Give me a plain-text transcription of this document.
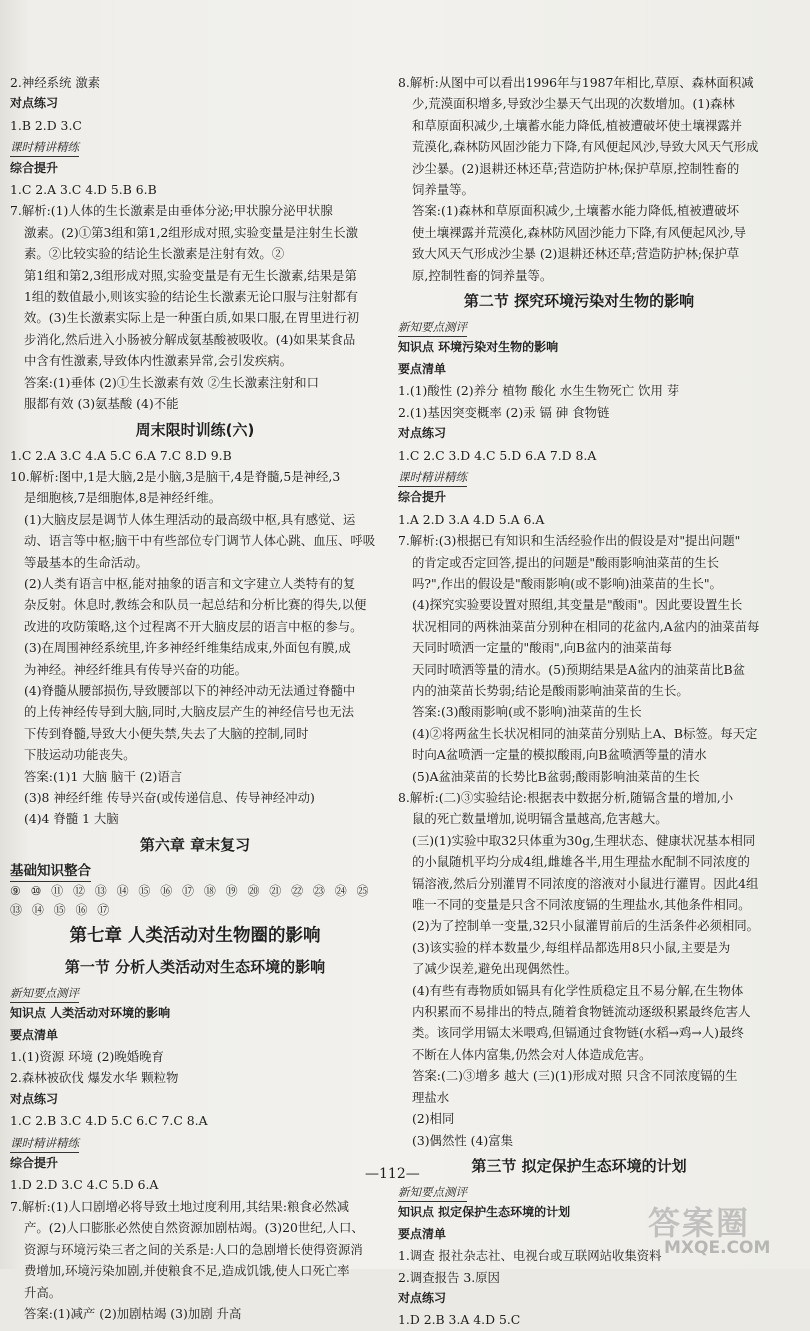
2.神经系统 激素
对点练习
1.B 2.D 3.C
课时精讲精练
综合提升
1.C 2.A 3.C 4.D 5.B 6.B
7.解析:(1)人体的生长激素是由垂体分泌;甲状腺分泌甲状腺
激素。(2)①第3组和第1,2组形成对照,实验变量是注射生长激
素。②比较实验的结论生长激素是注射有效。②
第1组和第2,3组形成对照,实验变量是有无生长激素,结果是第
1组的数值最小,则该实验的结论生长激素无论口服与注射都有
效。(3)生长激素实际上是一种蛋白质,如果口服,在胃里进行初
步消化,然后进入小肠被分解成氨基酸被吸收。(4)如果某食品
中含有性激素,导致体内性激素异常,会引发疾病。
答案:(1)垂体 (2)①生长激素有效 ②生长激素注射和口
服都有效 (3)氨基酸 (4)不能
周末限时训练(六)
1.C 2.A 3.C 4.A 5.C 6.A 7.C 8.D 9.B
10.解析:图中,1是大脑,2是小脑,3是脑干,4是脊髓,5是神经,3
是细胞核,7是细胞体,8是神经纤维。
(1)大脑皮层是调节人体生理活动的最高级中枢,具有感觉、运
动、语言等中枢;脑干中有些部位专门调节人体心跳、血压、呼吸
等最基本的生命活动。
(2)人类有语言中枢,能对抽象的语言和文字建立人类特有的复
杂反射。休息时,教练会和队员一起总结和分析比赛的得失,以便
改进的攻防策略,这个过程离不开大脑皮层的语言中枢的参与。
(3)在周围神经系统里,许多神经纤维集结成束,外面包有膜,成
为神经。神经纤维具有传导兴奋的功能。
(4)脊髓从腰部损伤,导致腰部以下的神经冲动无法通过脊髓中
的上传神经传导到大脑,同时,大脑皮层产生的神经信号也无法
下传到脊髓,导致大小便失禁,失去了大脑的控制,同时
下肢运动功能丧失。
答案:(1)1 大脑 脑干 (2)语言
(3)8 神经纤维 传导兴奋(或传递信息、传导神经冲动)
(4)4 脊髓 1 大脑
第六章 章末复习
基础知识整合
⑨ ⑩ ⑪ ⑫ ⑬ ⑭ ⑮ ⑯ ⑰ ⑱ ⑲ ⑳ ㉑ ㉒ ㉓ ㉔ ㉕
⑬ ⑭ ⑮ ⑯ ⑰
第七章 人类活动对生物圈的影响
第一节 分析人类活动对生态环境的影响
新知要点测评
知识点 人类活动对环境的影响
要点清单
1.(1)资源 环境 (2)晚婚晚育
2.森林被砍伐 爆发水华 颗粒物
对点练习
1.C 2.B 3.C 4.D 5.C 6.C 7.C 8.A
课时精讲精练
综合提升
1.D 2.D 3.C 4.C 5.D 6.A
7.解析:(1)人口剧增必将导致土地过度利用,其结果:粮食必然减
产。(2)人口膨胀必然使自然资源加剧枯竭。(3)20世纪,人口、
资源与环境污染三者之间的关系是:人口的急剧增长使得资源消
费增加,环境污染加剧,并使粮食不足,造成饥饿,使人口死亡率
升高。
答案:(1)减产 (2)加剧枯竭 (3)加剧 升高
8.解析:从图中可以看出1996年与1987年相比,草原、森林面积减
少,荒漠面积增多,导致沙尘暴天气出现的次数增加。(1)森林
和草原面积减少,土壤蓄水能力降低,植被遭破坏使土壤裸露并
荒漠化,森林防风固沙能力下降,有风便起风沙,导致大风天气形成
沙尘暴。(2)退耕还林还草;营造防护林;保护草原,控制牲畜的
饲养量等。
答案:(1)森林和草原面积减少,土壤蓄水能力降低,植被遭破坏
使土壤裸露并荒漠化,森林防风固沙能力下降,有风便起风沙,导
致大风天气形成沙尘暴 (2)退耕还林还草;营造防护林;保护草
原,控制牲畜的饲养量等。
第二节 探究环境污染对生物的影响
新知要点测评
知识点 环境污染对生物的影响
要点清单
1.(1)酸性 (2)养分 植物 酸化 水生生物死亡 饮用 芽
2.(1)基因突变概率 (2)汞 镉 砷 食物链
对点练习
1.C 2.C 3.D 4.C 5.D 6.A 7.D 8.A
课时精讲精练
综合提升
1.A 2.D 3.A 4.D 5.A 6.A
7.解析:(3)根据已有知识和生活经验作出的假设是对"提出问题"
的肯定或否定回答,提出的问题是"酸雨影响油菜苗的生长
吗?",作出的假设是"酸雨影响(或不影响)油菜苗的生长"。
(4)探究实验要设置对照组,其变量是"酸雨"。因此要设置生长
状况相同的两株油菜苗分别种在相同的花盆内,A盆内的油菜苗每
天同时喷洒一定量的"酸雨",向B盆内的油菜苗每
天同时喷洒等量的清水。(5)预期结果是A盆内的油菜苗比B盆
内的油菜苗长势弱;结论是酸雨影响油菜苗的生长。
答案:(3)酸雨影响(或不影响)油菜苗的生长
(4)②将两盆生长状况相同的油菜苗分别贴上A、B标签。每天定
时向A盆喷洒一定量的模拟酸雨,向B盆喷洒等量的清水
(5)A盆油菜苗的长势比B盆弱;酸雨影响油菜苗的生长
8.解析:(二)③实验结论:根据表中数据分析,随镉含量的增加,小
鼠的死亡数量增加,说明镉含量越高,危害越大。
(三)(1)实验中取32只体重为30g,生理状态、健康状况基本相同
的小鼠随机平均分成4组,雌雄各半,用生理盐水配制不同浓度的
镉溶液,然后分别灌胃不同浓度的溶液对小鼠进行灌胃。因此4组
唯一不同的变量是只含不同浓度镉的生理盐水,其他条件相同。
(2)为了控制单一变量,32只小鼠灌胃前后的生活条件必须相同。
(3)该实验的样本数量少,每组样品都选用8只小鼠,主要是为
了减少误差,避免出现偶然性。
(4)有些有毒物质如镉具有化学性质稳定且不易分解,在生物体
内积累而不易排出的特点,随着食物链流动逐级积累最终危害人
类。该同学用镉太米喂鸡,但镉通过食物链(水稻→鸡→人)最终
不断在人体内富集,仍然会对人体造成危害。
答案:(二)③增多 越大 (三)(1)形成对照 只含不同浓度镉的生
理盐水
(2)相同
(3)偶然性 (4)富集
第三节 拟定保护生态环境的计划
新知要点测评
知识点 拟定保护生态环境的计划
要点清单
1.调查 报社杂志社、电视台或互联网站收集资料
2.调查报告 3.原因
对点练习
1.D 2.B 3.A 4.D 5.C
—112—
答案圈
MXQE.COM
